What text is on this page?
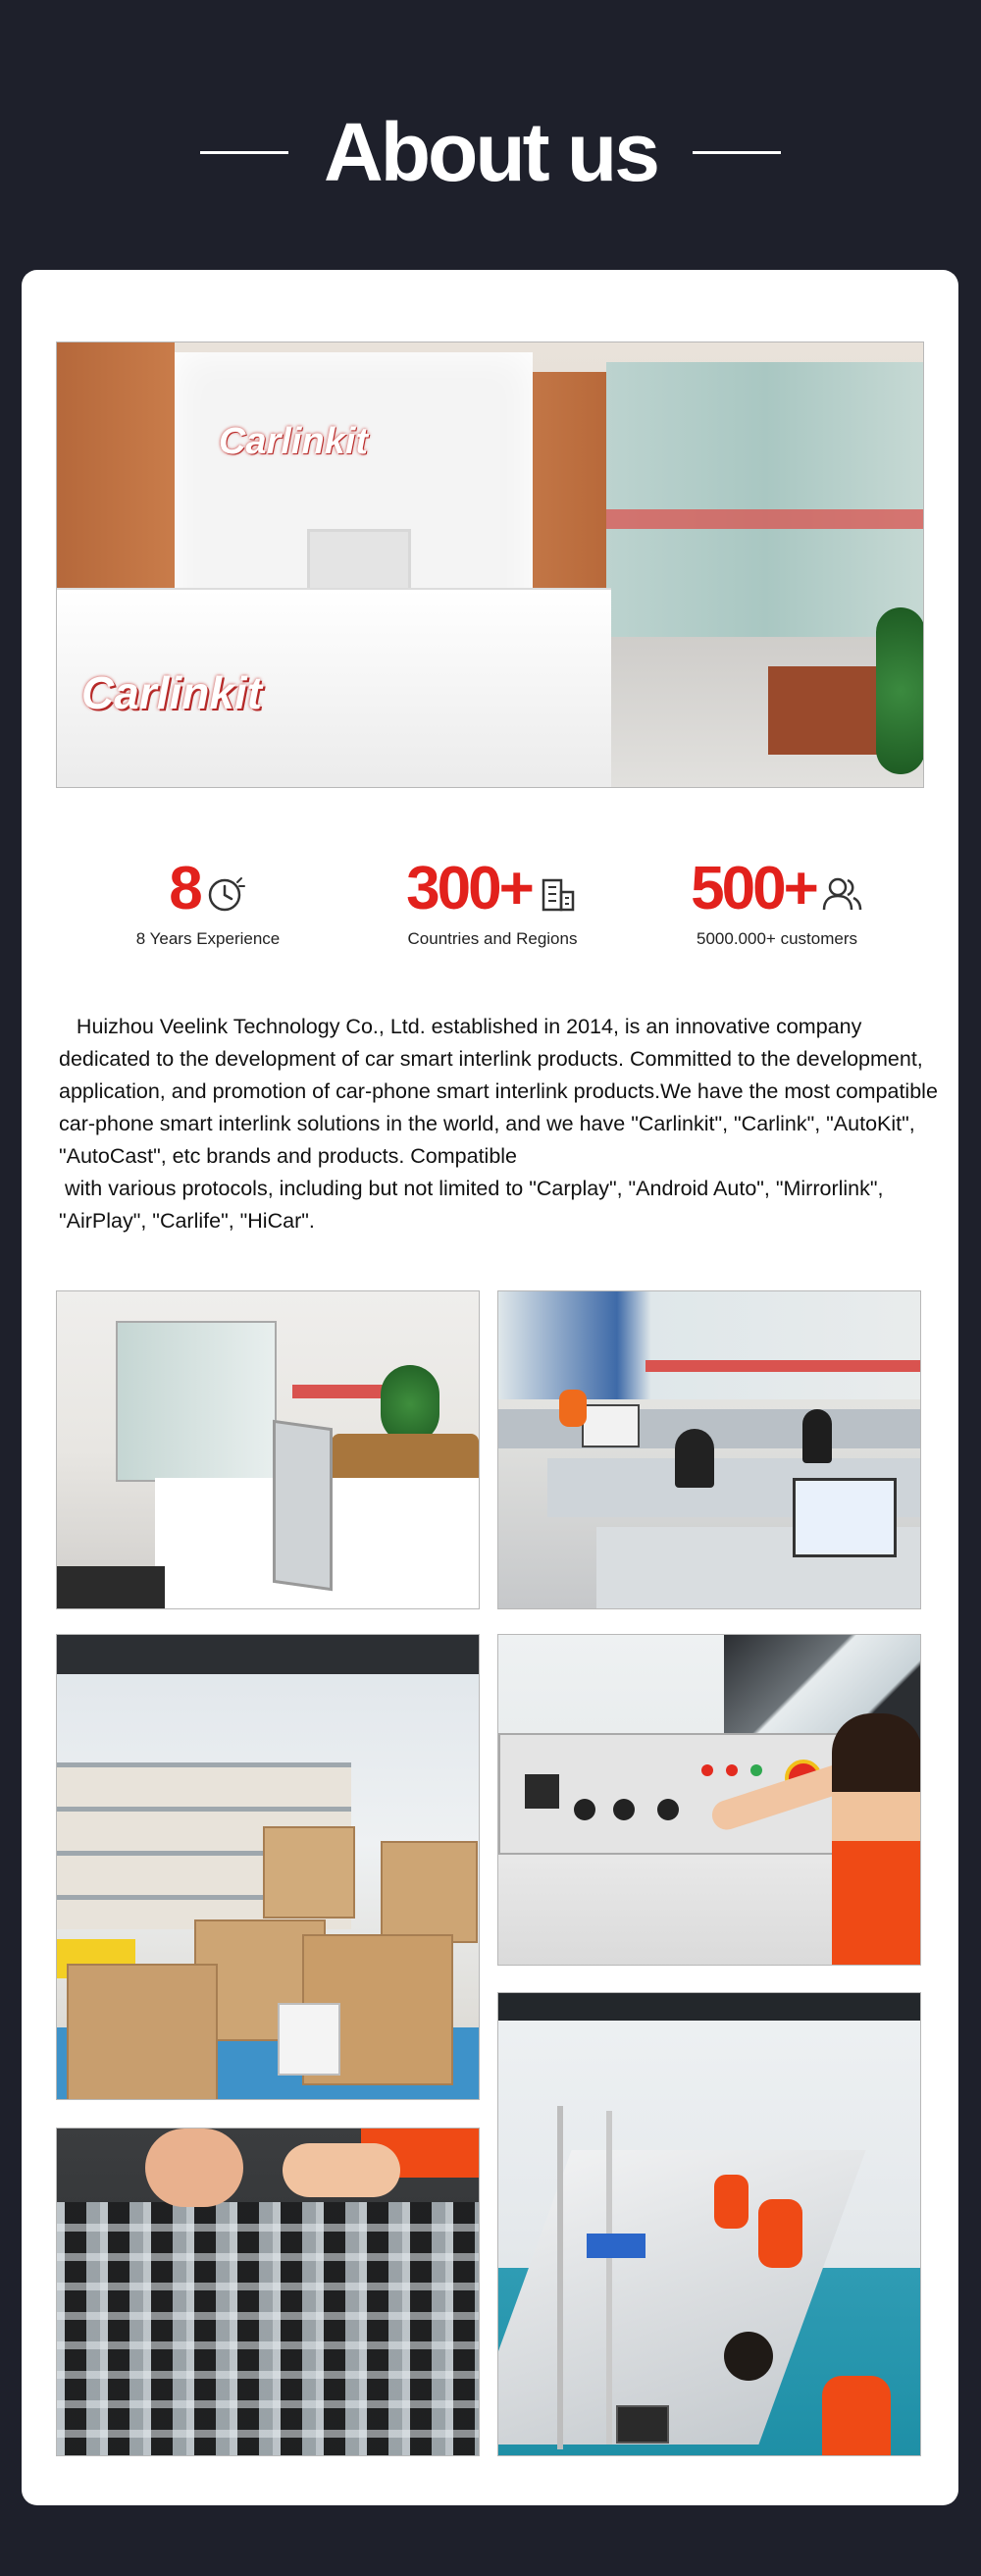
About us
Carlinkit
Carlinkit
8
8 Years Experience
300+
Countries and Regions
500+
5000.000+ customers
Huizhou Veelink Technology Co., Ltd. established in 2014, is an innovative company dedicated to the development of car smart interlink products. Committed to the development, application, and promotion of car-phone smart interlink products.We have the most compatible car-phone smart interlink solutions in the world, and we have "Carlinkit", "Carlink", "AutoKit", "AutoCast", etc brands and products. Compatible
with various protocols, including but not limited to "Carplay", "Android Auto", "Mirrorlink", "AirPlay", "Carlife", "HiCar".
